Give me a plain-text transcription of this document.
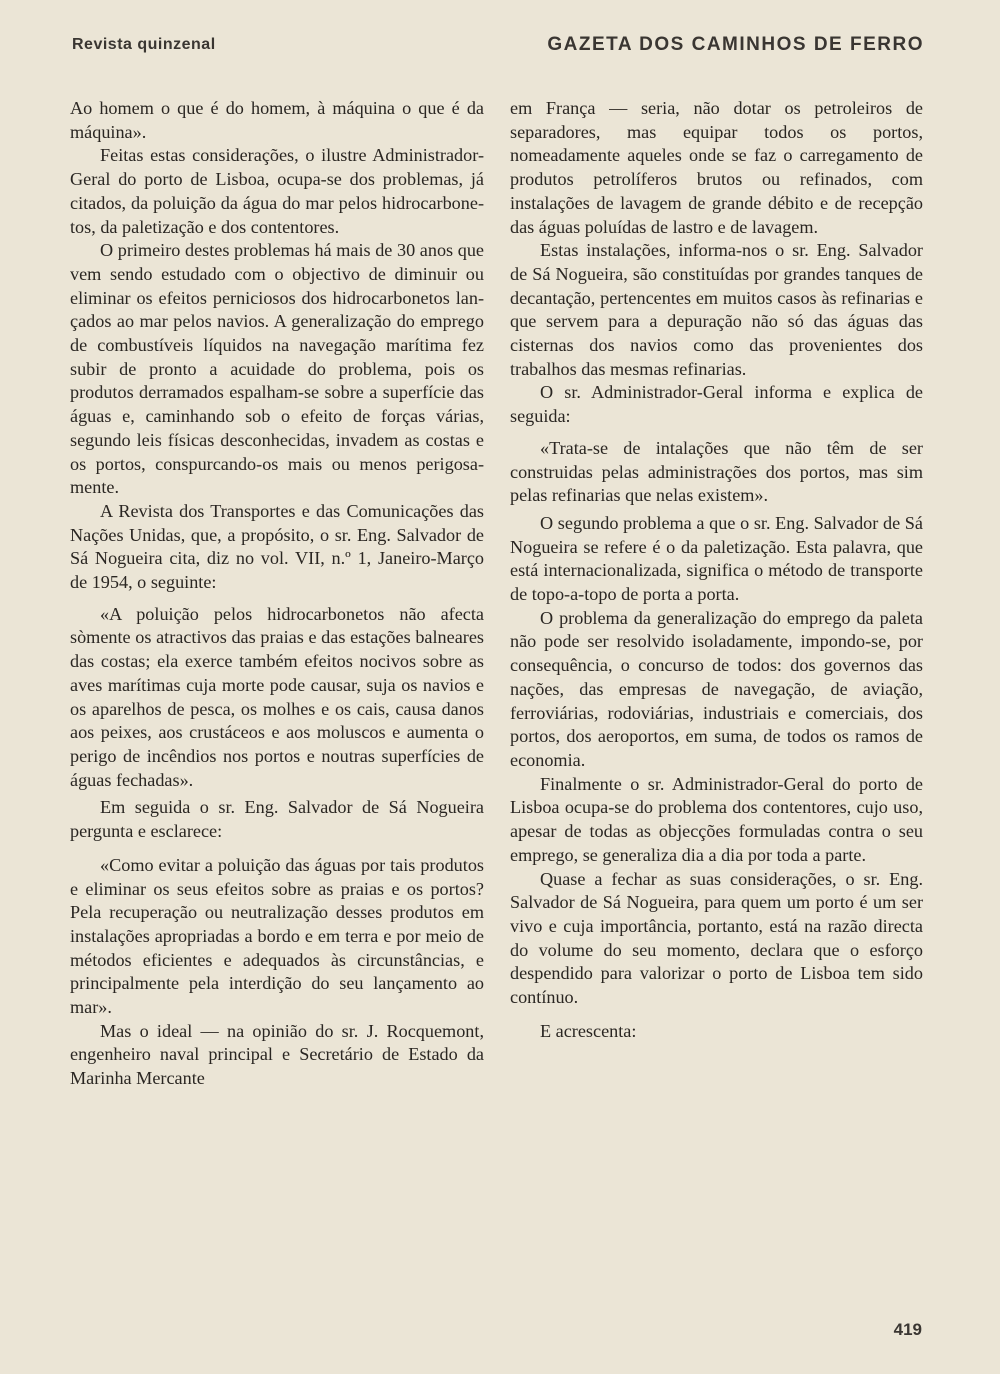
Revista quinzenal	GAZETA DOS CAMINHOS DE FERRO

Ao homem o que é do homem, à máquina o que é da máquina».

Feitas estas considerações, o ilustre Administrador-Geral do porto de Lisboa, ocupa-se dos problemas, já citados, da poluição da água do mar pelos hidrocarbonetos, da paletização e dos contentores.

O primeiro destes problemas há mais de 30 anos que vem sendo estudado com o objectivo de diminuir ou eliminar os efeitos perniciosos dos hidrocarbonetos lançados ao mar pelos navios. A generalização do emprego de combustíveis líquidos na navegação marítima fez subir de pronto a acuidade do problema, pois os produtos derramados espalham-se sobre a superfície das águas e, caminhando sob o efeito de forças várias, segundo leis físicas desconhecidas, invadem as costas e os portos, conspurcando-os mais ou menos perigosamente.

A Revista dos Transportes e das Comunicações das Nações Unidas, que, a propósito, o sr. Eng. Salvador de Sá Nogueira cita, diz no vol. VII, n.º 1, Janeiro-Março de 1954, o seguinte:

«A poluição pelos hidrocarbonetos não afecta sòmente os atractivos das praias e das estações balneares das costas; ela exerce também efeitos nocivos sobre as aves marítimas cuja morte pode causar, suja os navios e os aparelhos de pesca, os molhes e os cais, causa danos aos peixes, aos crustáceos e aos moluscos e aumenta o perigo de incêndios nos portos e noutras superfícies de águas fechadas».

Em seguida o sr. Eng. Salvador de Sá Nogueira pergunta e esclarece:

«Como evitar a poluição das águas por tais produtos e eliminar os seus efeitos sobre as praias e os portos? Pela recuperação ou neutralização desses produtos em instalações apropriadas a bordo e em terra e por meio de métodos eficientes e adequados às circunstâncias, e principalmente pela interdição do seu lançamento ao mar».

Mas o ideal — na opinião do sr. J. Rocquemont, engenheiro naval principal e Secretário de Estado da Marinha Mercante

em França — seria, não dotar os petroleiros de separadores, mas equipar todos os portos, nomeadamente aqueles onde se faz o carregamento de produtos petrolíferos brutos ou refinados, com instalações de lavagem de grande débito e de recepção das águas poluídas de lastro e de lavagem.

Estas instalações, informa-nos o sr. Eng. Salvador de Sá Nogueira, são constituídas por grandes tanques de decantação, pertencentes em muitos casos às refinarias e que servem para a depuração não só das águas das cisternas dos navios como das provenientes dos trabalhos das mesmas refinarias.

O sr. Administrador-Geral informa e explica de seguida:

«Trata-se de intalações que não têm de ser construidas pelas administrações dos portos, mas sim pelas refinarias que nelas existem».

O segundo problema a que o sr. Eng. Salvador de Sá Nogueira se refere é o da paletização. Esta palavra, que está internacionalizada, significa o método de transporte de topo-a-topo de porta a porta.

O problema da generalização do emprego da paleta não pode ser resolvido isoladamente, impondo-se, por consequência, o concurso de todos: dos governos das nações, das empresas de navegação, de aviação, ferroviárias, rodoviárias, industriais e comerciais, dos portos, dos aeroportos, em suma, de todos os ramos de economia.

Finalmente o sr. Administrador-Geral do porto de Lisboa ocupa-se do problema dos contentores, cujo uso, apesar de todas as objecções formuladas contra o seu emprego, se generaliza dia a dia por toda a parte.

Quase a fechar as suas considerações, o sr. Eng. Salvador de Sá Nogueira, para quem um porto é um ser vivo e cuja importância, portanto, está na razão directa do volume do seu momento, declara que o esforço despendido para valorizar o porto de Lisboa tem sido contínuo.

E acrescenta:

419
